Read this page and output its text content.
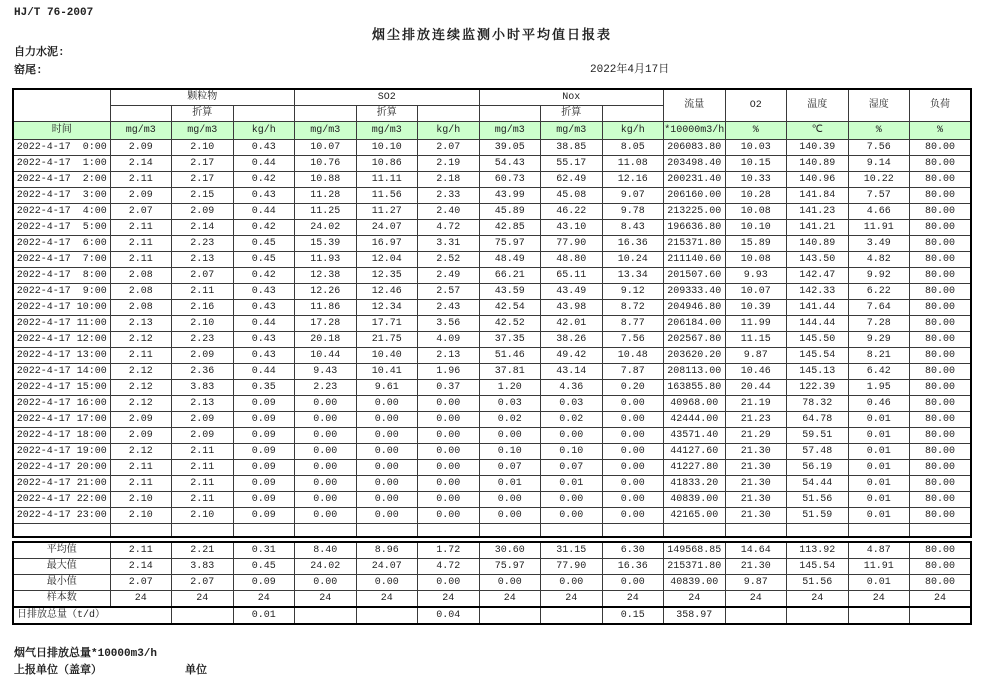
HJ/T 76-2007
烟尘排放连续监测小时平均值日报表
自力水泥:
窑尾:	2022年4月17日
	颗粒物			SO2			Nox			流量	O2	温度	湿度	负荷
		折算			折算			折算						
时间	mg/m3	mg/m3	kg/h	mg/m3	mg/m3	kg/h	mg/m3	mg/m3	kg/h	*10000m3/h	%	℃	%	%
2022-4-17  0:00	2.09	2.10	0.43	10.07	10.10	2.07	39.05	38.85	8.05	206083.80	10.03	140.39	7.56	80.00
2022-4-17  1:00	2.14	2.17	0.44	10.76	10.86	2.19	54.43	55.17	11.08	203498.40	10.15	140.89	9.14	80.00
2022-4-17  2:00	2.11	2.17	0.42	10.88	11.11	2.18	60.73	62.49	12.16	200231.40	10.33	140.96	10.22	80.00
2022-4-17  3:00	2.09	2.15	0.43	11.28	11.56	2.33	43.99	45.08	9.07	206160.00	10.28	141.84	7.57	80.00
2022-4-17  4:00	2.07	2.09	0.44	11.25	11.27	2.40	45.89	46.22	9.78	213225.00	10.08	141.23	4.66	80.00
2022-4-17  5:00	2.11	2.14	0.42	24.02	24.07	4.72	42.85	43.10	8.43	196636.80	10.10	141.21	11.91	80.00
2022-4-17  6:00	2.11	2.23	0.45	15.39	16.97	3.31	75.97	77.90	16.36	215371.80	15.89	140.89	3.49	80.00
2022-4-17  7:00	2.11	2.13	0.45	11.93	12.04	2.52	48.49	48.80	10.24	211140.60	10.08	143.50	4.82	80.00
2022-4-17  8:00	2.08	2.07	0.42	12.38	12.35	2.49	66.21	65.11	13.34	201507.60	9.93	142.47	9.92	80.00
2022-4-17  9:00	2.08	2.11	0.43	12.26	12.46	2.57	43.59	43.49	9.12	209333.40	10.07	142.33	6.22	80.00
2022-4-17 10:00	2.08	2.16	0.43	11.86	12.34	2.43	42.54	43.98	8.72	204946.80	10.39	141.44	7.64	80.00
2022-4-17 11:00	2.13	2.10	0.44	17.28	17.71	3.56	42.52	42.01	8.77	206184.00	11.99	144.44	7.28	80.00
2022-4-17 12:00	2.12	2.23	0.43	20.18	21.75	4.09	37.35	38.26	7.56	202567.80	11.15	145.50	9.29	80.00
2022-4-17 13:00	2.11	2.09	0.43	10.44	10.40	2.13	51.46	49.42	10.48	203620.20	9.87	145.54	8.21	80.00
2022-4-17 14:00	2.12	2.36	0.44	9.43	10.41	1.96	37.81	43.14	7.87	208113.00	10.46	145.13	6.42	80.00
2022-4-17 15:00	2.12	3.83	0.35	2.23	9.61	0.37	1.20	4.36	0.20	163855.80	20.44	122.39	1.95	80.00
2022-4-17 16:00	2.12	2.13	0.09	0.00	0.00	0.00	0.03	0.03	0.00	40968.00	21.19	78.32	0.46	80.00
2022-4-17 17:00	2.09	2.09	0.09	0.00	0.00	0.00	0.02	0.02	0.00	42444.00	21.23	64.78	0.01	80.00
2022-4-17 18:00	2.09	2.09	0.09	0.00	0.00	0.00	0.00	0.00	0.00	43571.40	21.29	59.51	0.01	80.00
2022-4-17 19:00	2.12	2.11	0.09	0.00	0.00	0.00	0.10	0.10	0.00	44127.60	21.30	57.48	0.01	80.00
2022-4-17 20:00	2.11	2.11	0.09	0.00	0.00	0.00	0.07	0.07	0.00	41227.80	21.30	56.19	0.01	80.00
2022-4-17 21:00	2.11	2.11	0.09	0.00	0.00	0.00	0.01	0.01	0.00	41833.20	21.30	54.44	0.01	80.00
2022-4-17 22:00	2.10	2.11	0.09	0.00	0.00	0.00	0.00	0.00	0.00	40839.00	21.30	51.56	0.01	80.00
2022-4-17 23:00	2.10	2.10	0.09	0.00	0.00	0.00	0.00	0.00	0.00	42165.00	21.30	51.59	0.01	80.00

平均值	2.11	2.21	0.31	8.40	8.96	1.72	30.60	31.15	6.30	149568.85	14.64	113.92	4.87	80.00
最大值	2.14	3.83	0.45	24.02	24.07	4.72	75.97	77.90	16.36	215371.80	21.30	145.54	11.91	80.00
最小值	2.07	2.07	0.09	0.00	0.00	0.00	0.00	0.00	0.00	40839.00	9.87	51.56	0.01	80.00
样本数	24	24	24	24	24	24	24	24	24	24	24	24	24	24
日排放总量（t/d）			0.01			0.04			0.15	358.97				
烟气日排放总量*10000m3/h
上报单位（盖章）	单位
